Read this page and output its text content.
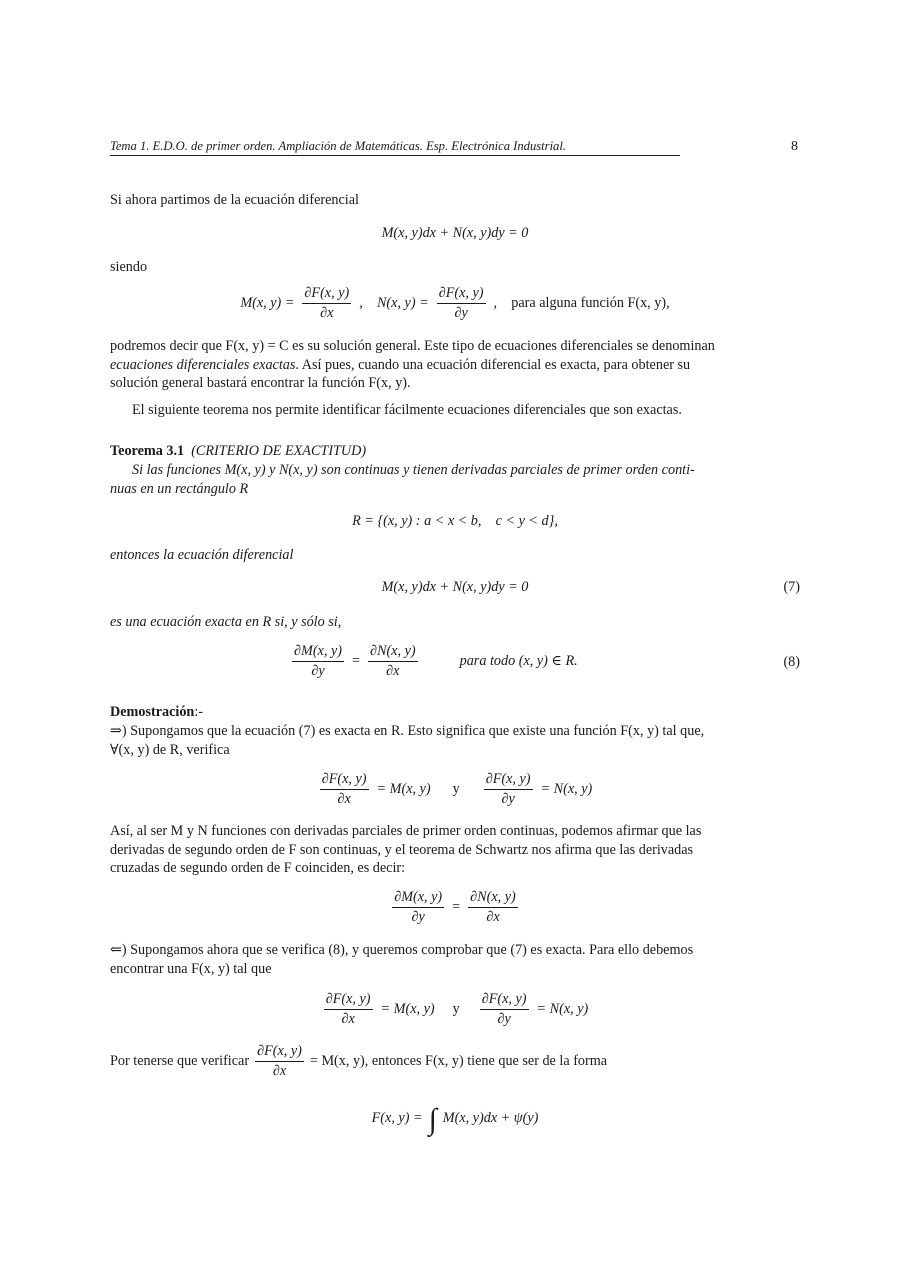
Tema 1. E.D.O. de primer orden. Ampliación de Matemáticas. Esp. Electrónica Industrial.	8
Si ahora partimos de la ecuación diferencial
M(x, y)dx + N(x, y)dy = 0
siendo
M(x, $y) = \frac{\partial F(x, y)}{\partial x}$ ,    N(x, $y) = \frac{\partial F(x, y)}{\partial y}$ ,    para alguna función F(x, y),
podremos decir que F(x, y) = C es su solución general. Este tipo de ecuaciones diferenciales se denominan
ecuaciones diferenciales exactas. Así pues, cuando una ecuación diferencial es exacta, para obtener su
solución general bastará encontrar la función F(x, y).
El siguiente teorema nos permite identificar fácilmente ecuaciones diferenciales que son exactas.
Teorema 3.1 (CRITERIO DE EXACTITUD)
Si las funciones M(x, y) y N(x, y) son continuas y tienen derivadas parciales de primer orden conti-
nuas en un rectángulo R
R = {(x, y) : a < x < b,    c < y < d},
entonces la ecuación diferencial
M(x, y)dx + N(x, y)dy = 0	(7)
es una ecuación exacta en R si, y sólo si,
$\frac{\partial M(x, y)}{\partial y} = \frac{\partial N(x, y)}{\partial x}$	para todo (x, y) ∈ R.	(8)
Demostración:-
⇒) Supongamos que la ecuación (7) es exacta en R. Esto significa que existe una función F(x, y) tal que,
∀(x, y) de R, verifica
$\frac{\partial F(x, y)}{\partial x} = M(x$, y) y $\frac{\partial F(x, y)}{\partial y} = N(x$, y)
Así, al ser M y N funciones con derivadas parciales de primer orden continuas, podemos afirmar que las
derivadas de segundo orden de F son continuas, y el teorema de Schwartz nos afirma que las derivadas
cruzadas de segundo orden de F coinciden, es decir:
$\frac{\partial M(x, y)}{\partial y} = \frac{\partial N(x, y)}{\partial x}$
⇐) Supongamos ahora que se verifica (8), y queremos comprobar que (7) es exacta. Para ello debemos
encontrar una F(x, y) tal que
$\frac{\partial F(x, y)}{\partial x} = M(x$, y) y $\frac{\partial F(x, y)}{\partial y} = N(x$, y)
Por tenerse que verificar $\frac{\partial F(x, y)}{\partial x} = M(x$, y), entonces F(x, y) tiene que ser de la forma
F(x, y) = ∫ M(x, y)dx + ψ(y)
